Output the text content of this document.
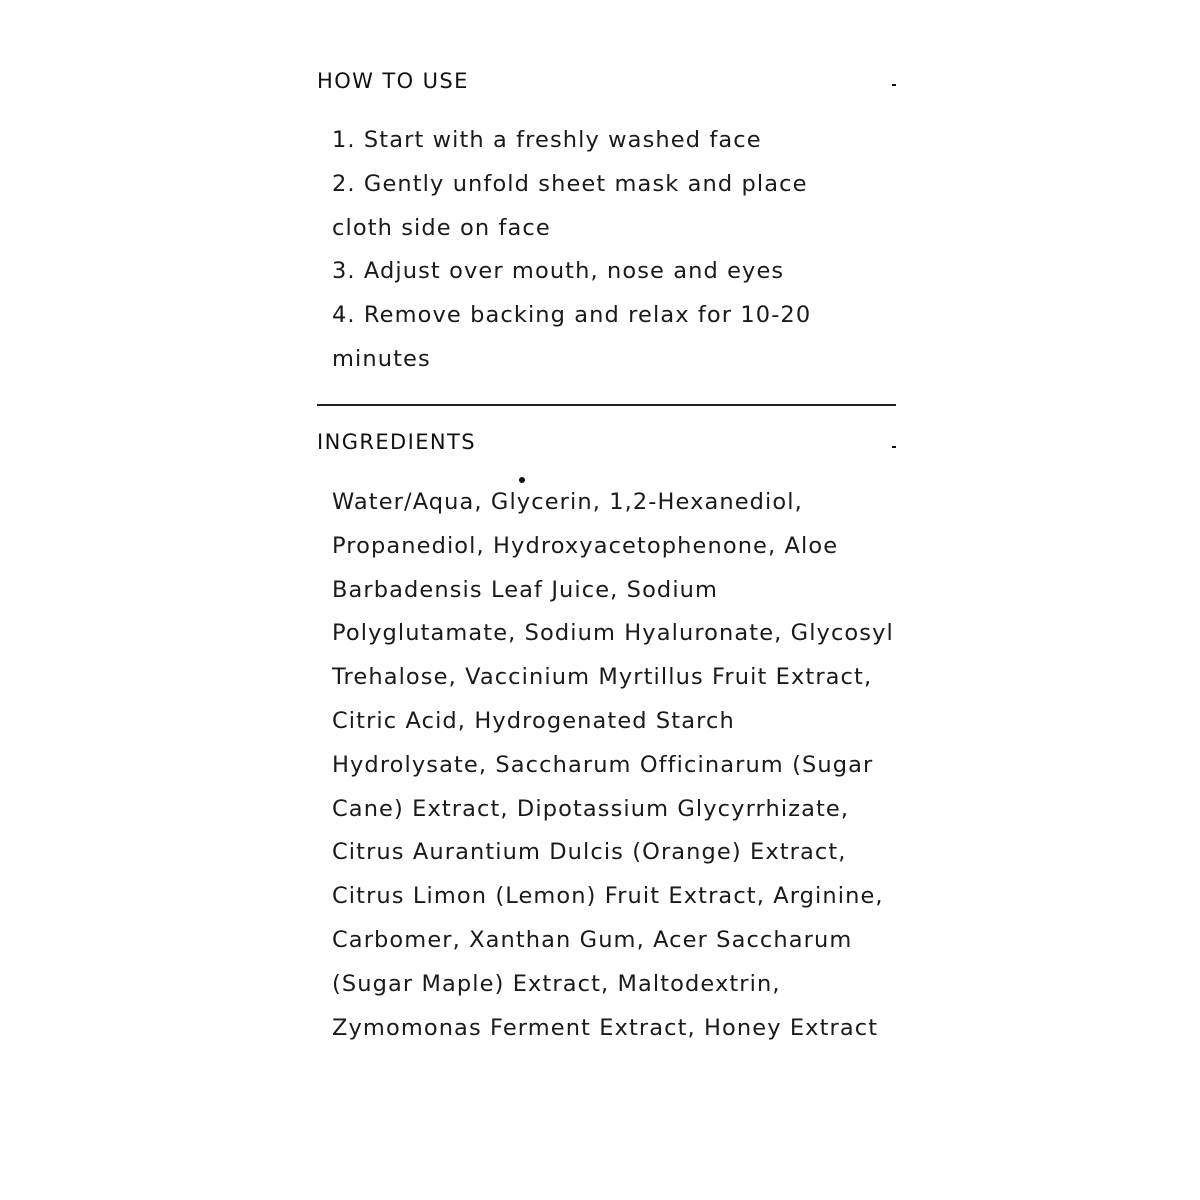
HOW TO USE

1. Start with a freshly washed face

2. Gently unfold sheet mask and place cloth side on face

3. Adjust over mouth, nose and eyes

4. Remove backing and relax for 10-20 minutes

INGREDIENTS

Water/Aqua, Glycerin, 1,2-Hexanediol, Propanediol, Hydroxyacetophenone, Aloe Barbadensis Leaf Juice, Sodium Polyglutamate, Sodium Hyaluronate, Glycosyl Trehalose, Vaccinium Myrtillus Fruit Extract, Citric Acid, Hydrogenated Starch Hydrolysate, Saccharum Officinarum (Sugar Cane) Extract, Dipotassium Glycyrrhizate, Citrus Aurantium Dulcis (Orange) Extract, Citrus Limon (Lemon) Fruit Extract, Arginine, Carbomer, Xanthan Gum, Acer Saccharum (Sugar Maple) Extract, Maltodextrin, Zymomonas Ferment Extract, Honey Extract
